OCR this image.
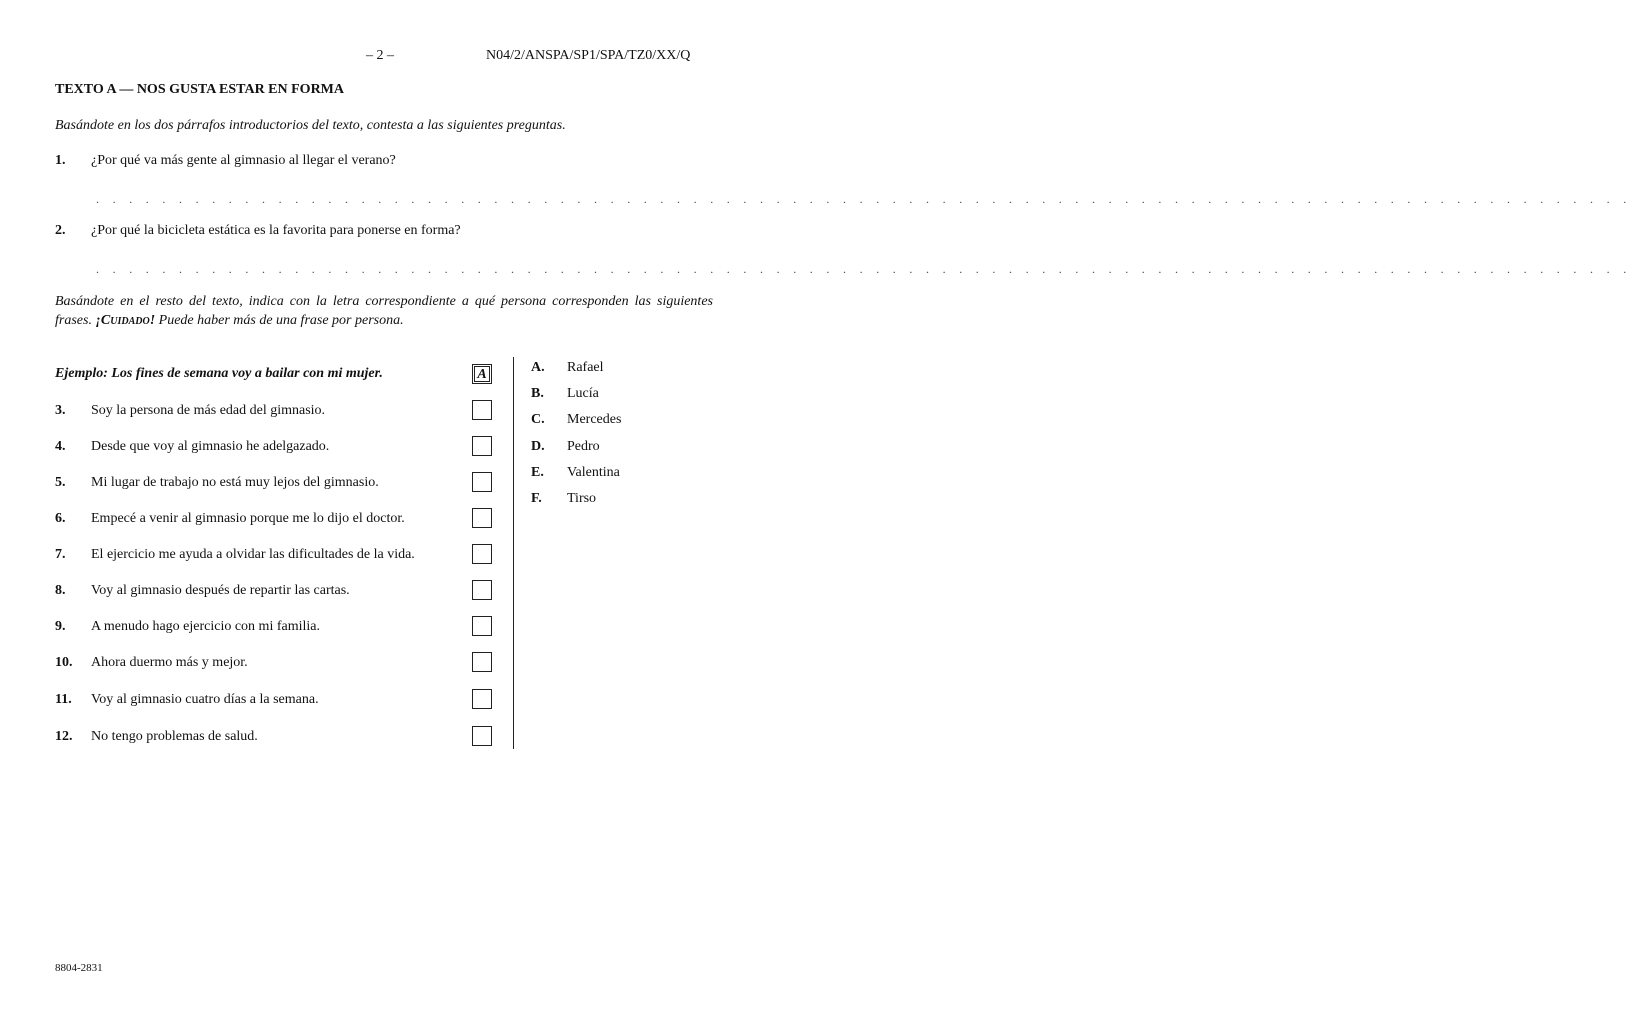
– 2 –	N04/2/ANSPA/SP1/SPA/TZ0/XX/Q
TEXTO A — NOS GUSTA ESTAR EN FORMA
Basándote en los dos párrafos introductorios del texto, contesta a las siguientes preguntas.
1. ¿Por qué va más gente al gimnasio al llegar el verano?
. . . . . . . . . . . . . . . . . . . . . . . . . . . . . . . . . . . . . . . . . . . . . . . . . . . . . . . . . . . . . . . . . . . . . . . . . . . . . . . . . . . . . . . . . . . . .
2. ¿Por qué la bicicleta estática es la favorita para ponerse en forma?
. . . . . . . . . . . . . . . . . . . . . . . . . . . . . . . . . . . . . . . . . . . . . . . . . . . . . . . . . . . . . . . . . . . . . . . . . . . . . . . . . . . . . . . . . . . . .
Basándote en el resto del texto, indica con la letra correspondiente a qué persona corresponden las siguientes frases. ¡Cuidado! Puede haber más de una frase por persona.
Ejemplo: Los fines de semana voy a bailar con mi mujer.	A
3. Soy la persona de más edad del gimnasio.
4. Desde que voy al gimnasio he adelgazado.
5. Mi lugar de trabajo no está muy lejos del gimnasio.
6. Empecé a venir al gimnasio porque me lo dijo el doctor.
7. El ejercicio me ayuda a olvidar las dificultades de la vida.
8. Voy al gimnasio después de repartir las cartas.
9. A menudo hago ejercicio con mi familia.
10. Ahora duermo más y mejor.
11. Voy al gimnasio cuatro días a la semana.
12. No tengo problemas de salud.
A. Rafael
B. Lucía
C. Mercedes
D. Pedro
E. Valentina
F. Tirso
8804-2831
